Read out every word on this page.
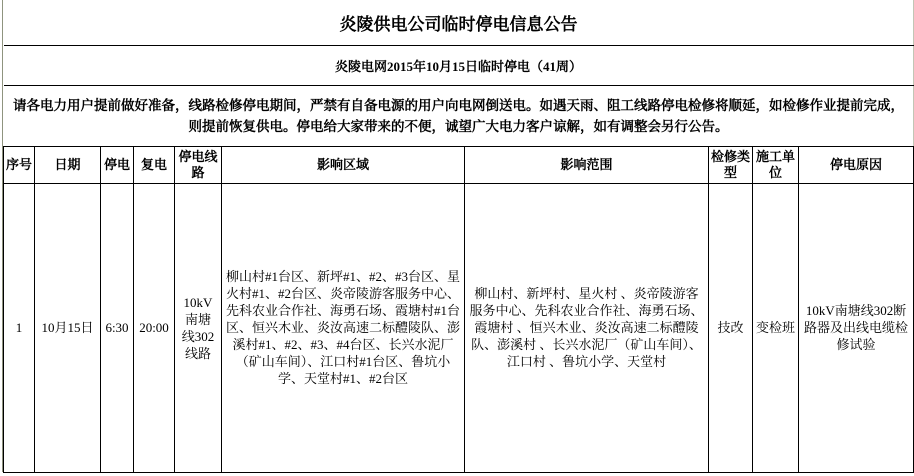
炎陵供电公司临时停电信息公告									
炎陵电网2015年10月15日临时停电（41周）									
请各电力用户提前做好准备，线路检修停电期间，严禁有自备电源的用户向电网倒送电。如遇天雨、阻工线路停电检修将顺延，如检修作业提前完成，则提前恢复供电。停电给大家带来的不便，诚望广大电力客户谅解，如有调整会另行公告。									
序号	日期	停电	复电	停电线路	影响区域	影响范围	检修类型	施工单位	停电原因
1	10月15日	6:30	20:00	10kV南塘线302线路	柳山村#1台区、新坪#1、#2、#3台区、星火村#1、#2台区、炎帝陵游客服务中心、先科农业合作社、海勇石场、霞塘村#1台区、恒兴木业、炎汝高速二标醴陵队、澎溪村#1、#2、#3、#4台区、长兴水泥厂（矿山车间）、江口村#1台区、鲁坑小学、天堂村#1、#2台区	柳山村、新坪村、星火村 、炎帝陵游客服务中心、先科农业合作社、海勇石场、霞塘村 、恒兴木业、炎汝高速二标醴陵队、澎溪村 、长兴水泥厂（矿山车间）、江口村 、鲁坑小学、天堂村	技改	变检班	10kV南塘线302断路器及出线电缆检修试验
